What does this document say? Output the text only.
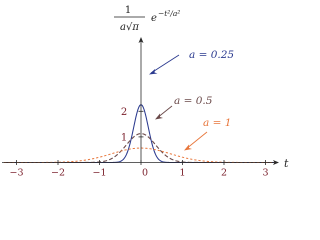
−3	−2	−1	0	1	2	3
1
2
t
1
a√π
e −t²/a²
a = 0.25
a = 0.5
a = 1
